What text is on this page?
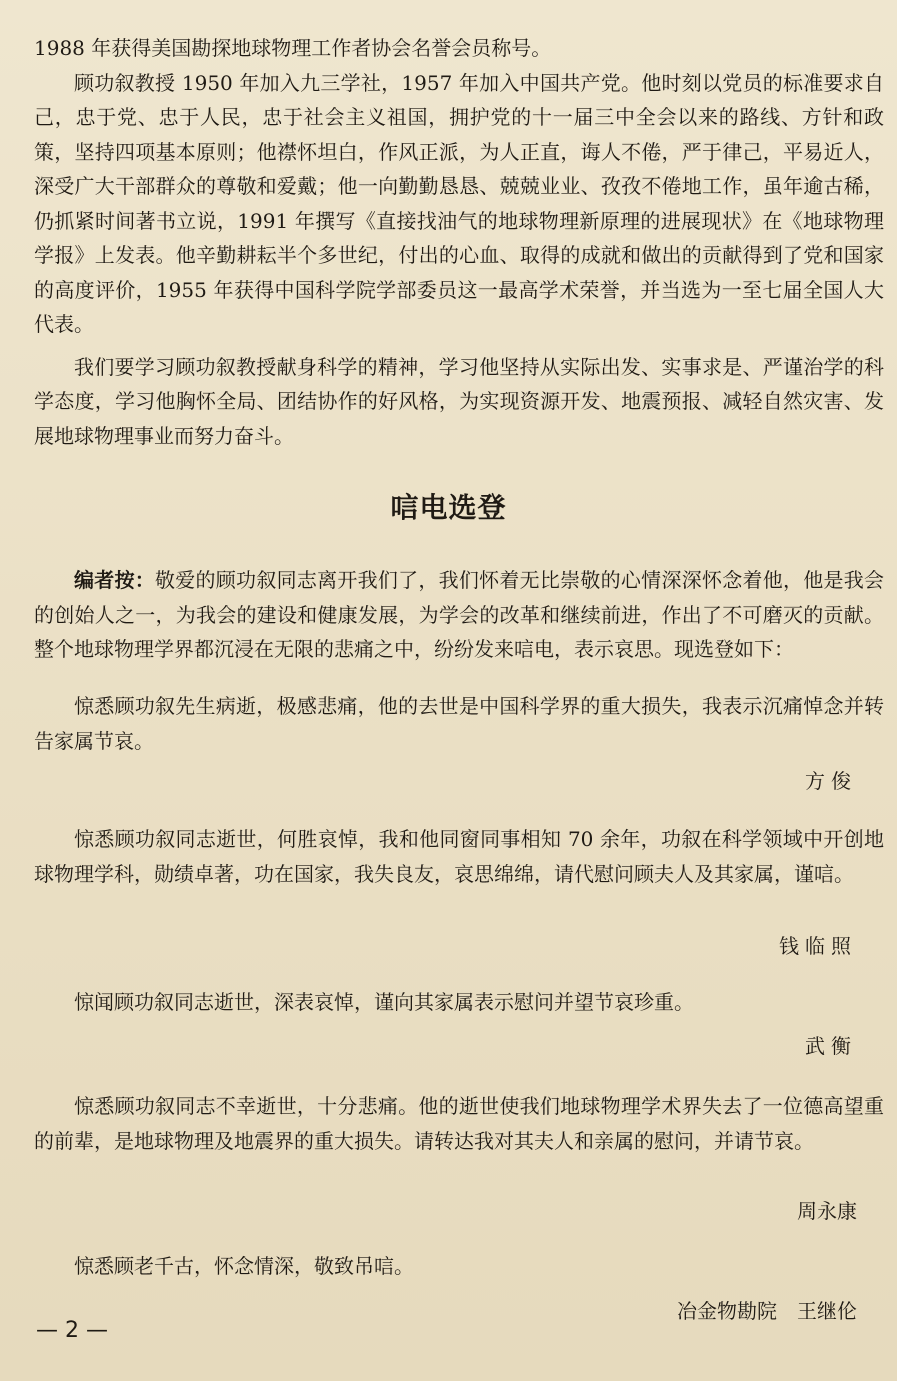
1988 年获得美国勘探地球物理工作者协会名誉会员称号。

顾功叙教授 1950 年加入九三学社，1957 年加入中国共产党。他时刻以党员的标准要求自己，忠于党、忠于人民，忠于社会主义祖国，拥护党的十一届三中全会以来的路线、方针和政策，坚持四项基本原则；他襟怀坦白，作风正派，为人正直，诲人不倦，严于律己，平易近人，深受广大干部群众的尊敬和爱戴；他一向勤勤恳恳、兢兢业业、孜孜不倦地工作，虽年逾古稀，仍抓紧时间著书立说，1991 年撰写《直接找油气的地球物理新原理的进展现状》在《地球物理学报》上发表。他辛勤耕耘半个多世纪，付出的心血、取得的成就和做出的贡献得到了党和国家的高度评价，1955 年获得中国科学院学部委员这一最高学术荣誉，并当选为一至七届全国人大代表。

我们要学习顾功叙教授献身科学的精神，学习他坚持从实际出发、实事求是、严谨治学的科学态度，学习他胸怀全局、团结协作的好风格，为实现资源开发、地震预报、减轻自然灾害、发展地球物理事业而努力奋斗。

唁电选登

编者按：敬爱的顾功叙同志离开我们了，我们怀着无比崇敬的心情深深怀念着他，他是我会的创始人之一，为我会的建设和健康发展，为学会的改革和继续前进，作出了不可磨灭的贡献。整个地球物理学界都沉浸在无限的悲痛之中，纷纷发来唁电，表示哀思。现选登如下：

惊悉顾功叙先生病逝，极感悲痛，他的去世是中国科学界的重大损失，我表示沉痛悼念并转告家属节哀。

方俊

惊悉顾功叙同志逝世，何胜哀悼，我和他同窗同事相知 70 余年，功叙在科学领域中开创地球物理学科，勋绩卓著，功在国家，我失良友，哀思绵绵，请代慰问顾夫人及其家属，谨唁。

钱临照

惊闻顾功叙同志逝世，深表哀悼，谨向其家属表示慰问并望节哀珍重。

武衡

惊悉顾功叙同志不幸逝世，十分悲痛。他的逝世使我们地球物理学术界失去了一位德高望重的前辈，是地球物理及地震界的重大损失。请转达我对其夫人和亲属的慰问，并请节哀。

周永康

惊悉顾老千古，怀念情深，敬致吊唁。

冶金物勘院　王继伦
— 2 —
